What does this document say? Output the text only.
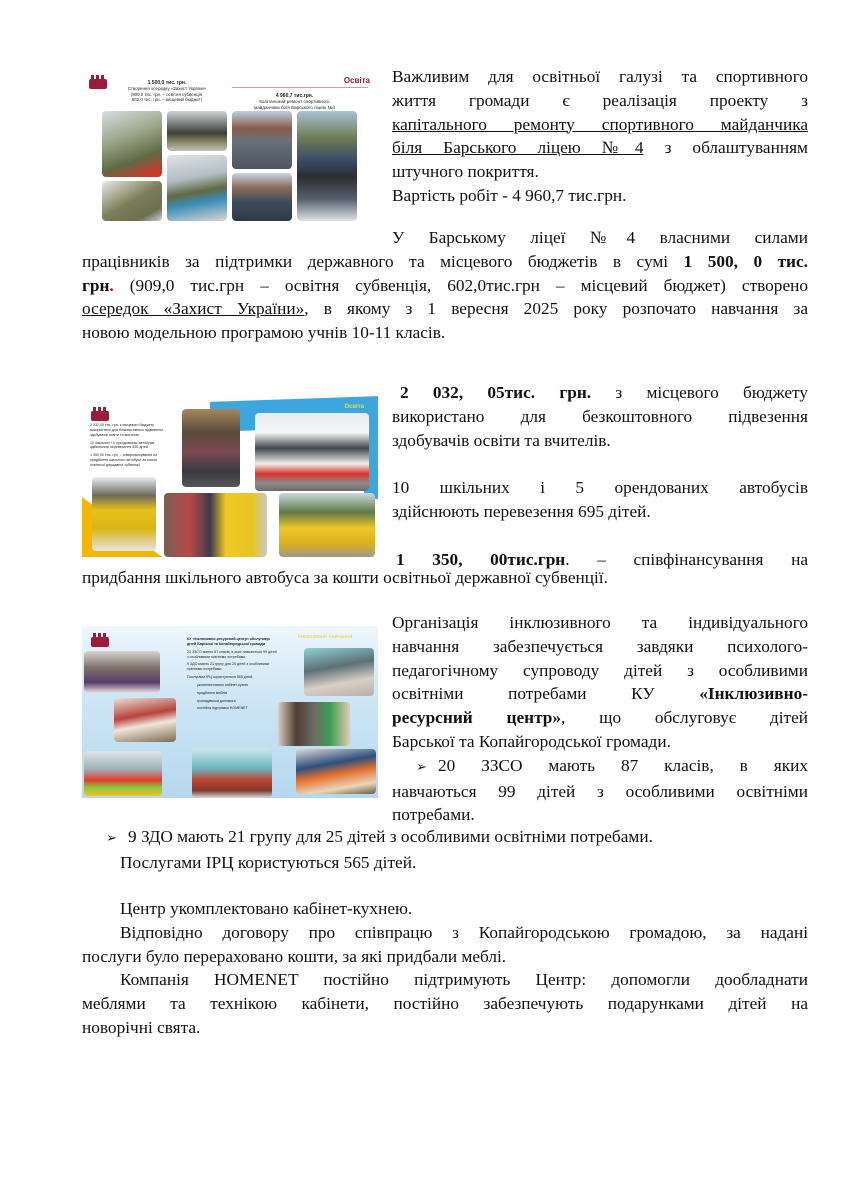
Освіта
1 500,0 тис. грн.
Створення осередку «Захист України»
(909,0 тис. грн. – освітня субвенція,
602,0 тис. грн. – місцевий бюджет)
4 960,7 тис.грн.
Капітальний ремонт спортивного
майданчика біля Барського ліцею №4

Важливим для освітньої галузі та спортивного

життя громади є реалізація проекту з

капітального ремонту спортивного майданчика

біля Барського ліцею №4 з облаштуванням

штучного покриття.

Вартість робіт - 4 960,7 тис.грн.

У Барському ліцеї №4 власними силами

працівників за підтримки державного та місцевого бюджетів в сумі 1 500, 0 тис.

грн. (909,0 тис.грн – освітня субвенція, 602,0тис.грн – місцевий бюджет) створено

осередок «Захист України», в якому з 1 вересня 2025 року розпочато навчання за

новою модельною програмою учнів 10-11 класів.

Освіта
2 032,05 тис. грн. з місцевого бюджету використано для безкоштовного підвезення здобувачів освіти та вчителів.
10 шкільних і 5 орендованих автобусів здійснюють перевезення 695 дітей.
1 350,00 тис. грн. – співфінансування на придбання шкільного автобуса за кошти освітньої державної субвенції.

2 032, 05тис. грн. з місцевого бюджету

використано для безкоштовного підвезення

здобувачів освіти та вчителів.

10 шкільних і 5 орендованих автобусів

здійснюють перевезення 695 дітей.

1 350, 00тис.грн. – співфінансування на

придбання шкільного автобуса за кошти освітньої державної субвенції.

Інклюзивне навчання
КУ «Інклюзивно-ресурсний центр» обслуговує дітей Барської та Копайгородської громади
20 ЗЗСО мають 87 класів, в яких навчаються 99 дітей з особливими освітніми потребами.
9 ЗДО мають 21 групу для 25 дітей з особливими освітніми потребами.
Послугами ІРЦ користуються 565 дітей.
укомплектовано кабінет-кухню
придбання меблів
громадівська допомога
постійна підтримка HOMENET

Організація інклюзивного та індивідуального

навчання забезпечується завдяки психолого-

педагогічному супроводу дітей з особливими

освітніми потребами КУ «Інклюзивно-

ресурсний центр», що обслуговує дітей

Барської та Копайгородської громади.

➢ 20 ЗЗСО мають 87 класів, в яких

навчаються 99 дітей з особливими освітніми

потребами.

➢ 9 ЗДО мають 21 групу для 25 дітей з особливими освітніми потребами.

Послугами ІРЦ користуються 565 дітей.

Центр укомплектовано кабінет-кухнею.

Відповідно договору про співпрацю з Копайгородською громадою, за надані

послуги було перераховано кошти, за які придбали меблі.

Компанія HOMENET постійно підтримують Центр: допомогли дообладнати

меблями та технікою кабінети, постійно забезпечують подарунками дітей на

новорічні свята.
